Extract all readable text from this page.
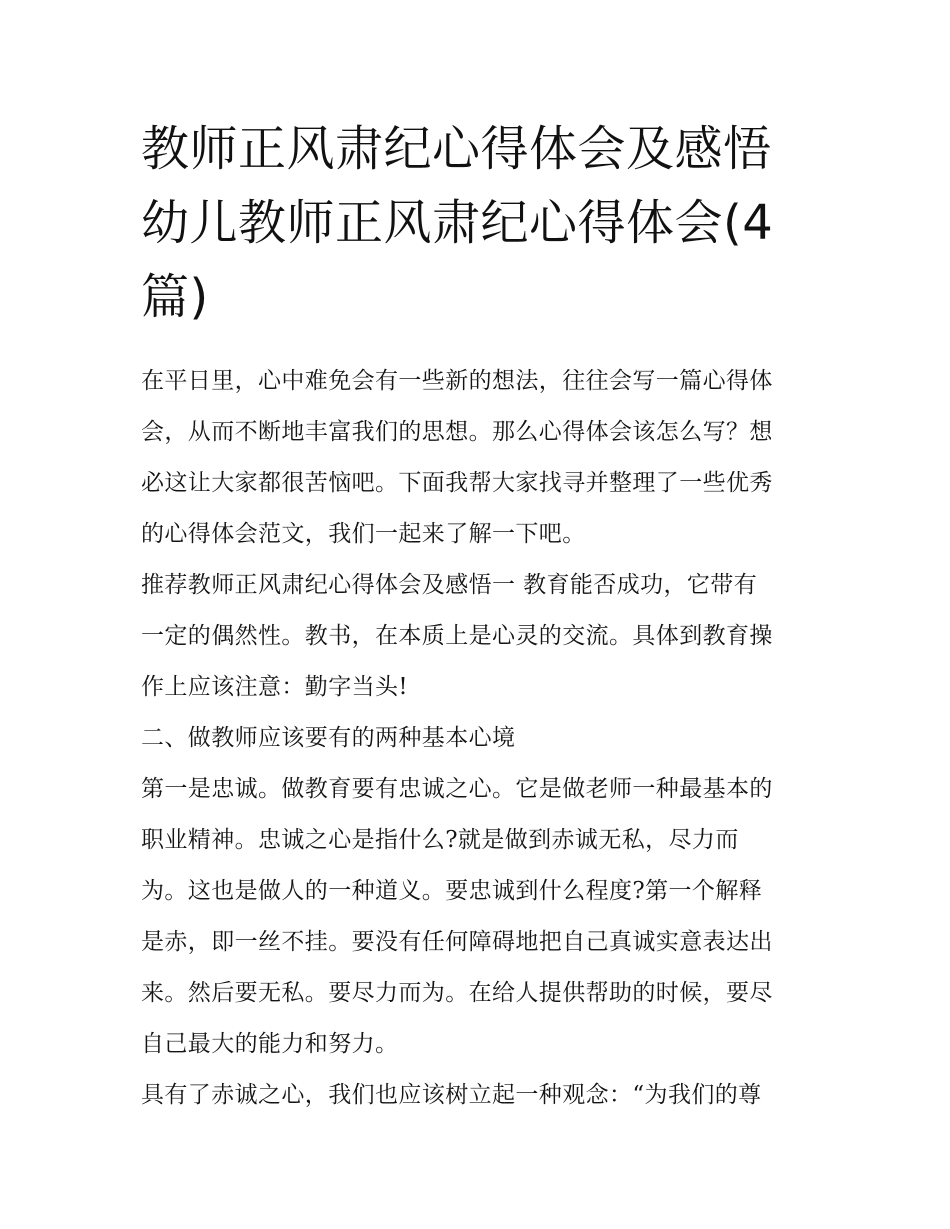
教师正风肃纪心得体会及感悟
幼儿教师正风肃纪心得体会(4
篇)

在平日里，心中难免会有一些新的想法，往往会写一篇心得体
会，从而不断地丰富我们的思想。那么心得体会该怎么写？想
必这让大家都很苦恼吧。下面我帮大家找寻并整理了一些优秀
的心得体会范文，我们一起来了解一下吧。

推荐教师正风肃纪心得体会及感悟一 教育能否成功，它带有
一定的偶然性。教书，在本质上是心灵的交流。具体到教育操
作上应该注意：勤字当头!

二、做教师应该要有的两种基本心境

第一是忠诚。做教育要有忠诚之心。它是做老师一种最基本的
职业精神。忠诚之心是指什么?就是做到赤诚无私，尽力而
为。这也是做人的一种道义。要忠诚到什么程度?第一个解释
是赤，即一丝不挂。要没有任何障碍地把自己真诚实意表达出
来。然后要无私。要尽力而为。在给人提供帮助的时候，要尽
自己最大的能力和努力。

具有了赤诚之心，我们也应该树立起一种观念：“为我们的尊
